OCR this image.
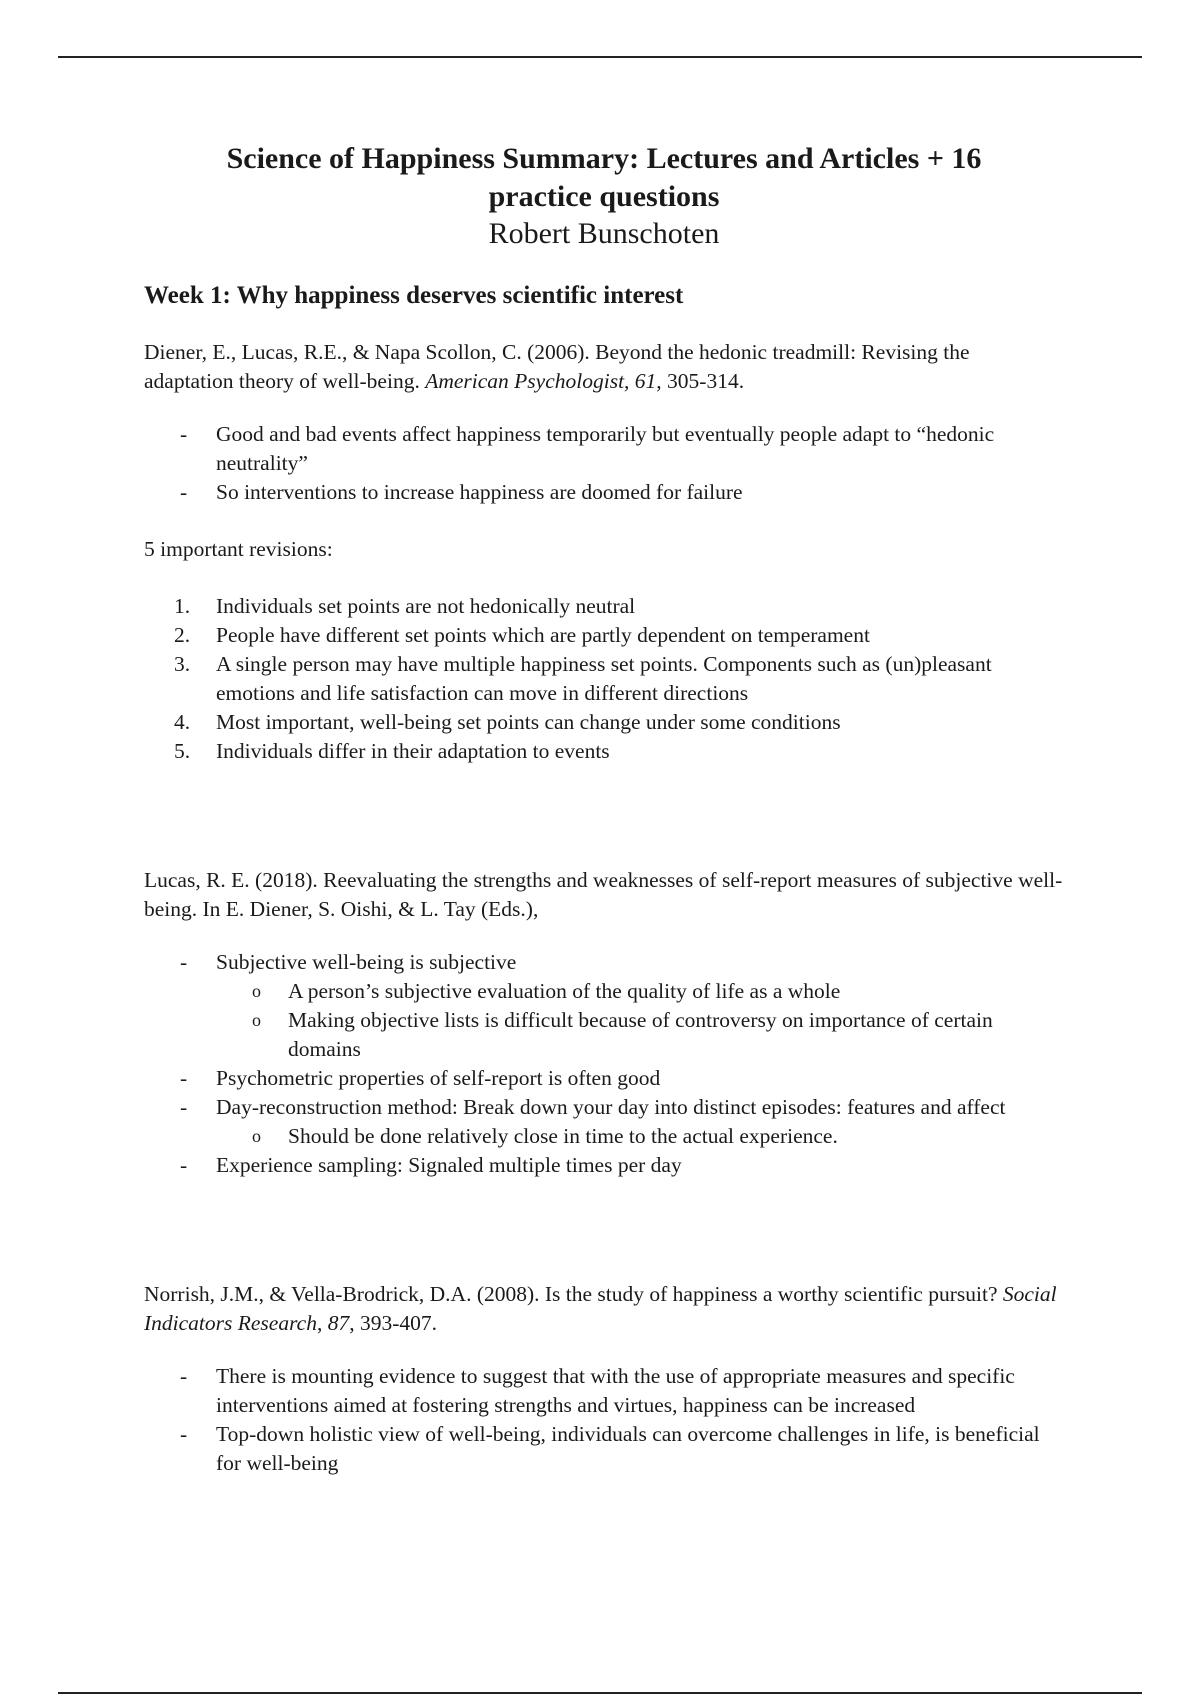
Science of Happiness Summary: Lectures and Articles + 16
practice questions
Robert Bunschoten
Week 1: Why happiness deserves scientific interest

Diener, E., Lucas, R.E., & Napa Scollon, C. (2006). Beyond the hedonic treadmill: Revising the adaptation theory of well-being. American Psychologist, 61, 305-314.

- Good and bad events affect happiness temporarily but eventually people adapt to “hedonic neutrality”
- So interventions to increase happiness are doomed for failure

5 important revisions:

1. Individuals set points are not hedonically neutral
2. People have different set points which are partly dependent on temperament
3. A single person may have multiple happiness set points. Components such as (un)pleasant emotions and life satisfaction can move in different directions
4. Most important, well-being set points can change under some conditions
5. Individuals differ in their adaptation to events

Lucas, R. E. (2018). Reevaluating the strengths and weaknesses of self-report measures of subjective well-being. In E. Diener, S. Oishi, & L. Tay (Eds.),

- Subjective well-being is subjective
o A person’s subjective evaluation of the quality of life as a whole
o Making objective lists is difficult because of controversy on importance of certain domains
- Psychometric properties of self-report is often good
- Day-reconstruction method: Break down your day into distinct episodes: features and affect
o Should be done relatively close in time to the actual experience.
- Experience sampling: Signaled multiple times per day

Norrish, J.M., & Vella-Brodrick, D.A. (2008). Is the study of happiness a worthy scientific pursuit? Social Indicators Research, 87, 393-407.

- There is mounting evidence to suggest that with the use of appropriate measures and specific interventions aimed at fostering strengths and virtues, happiness can be increased
- Top-down holistic view of well-being, individuals can overcome challenges in life, is beneficial for well-being
